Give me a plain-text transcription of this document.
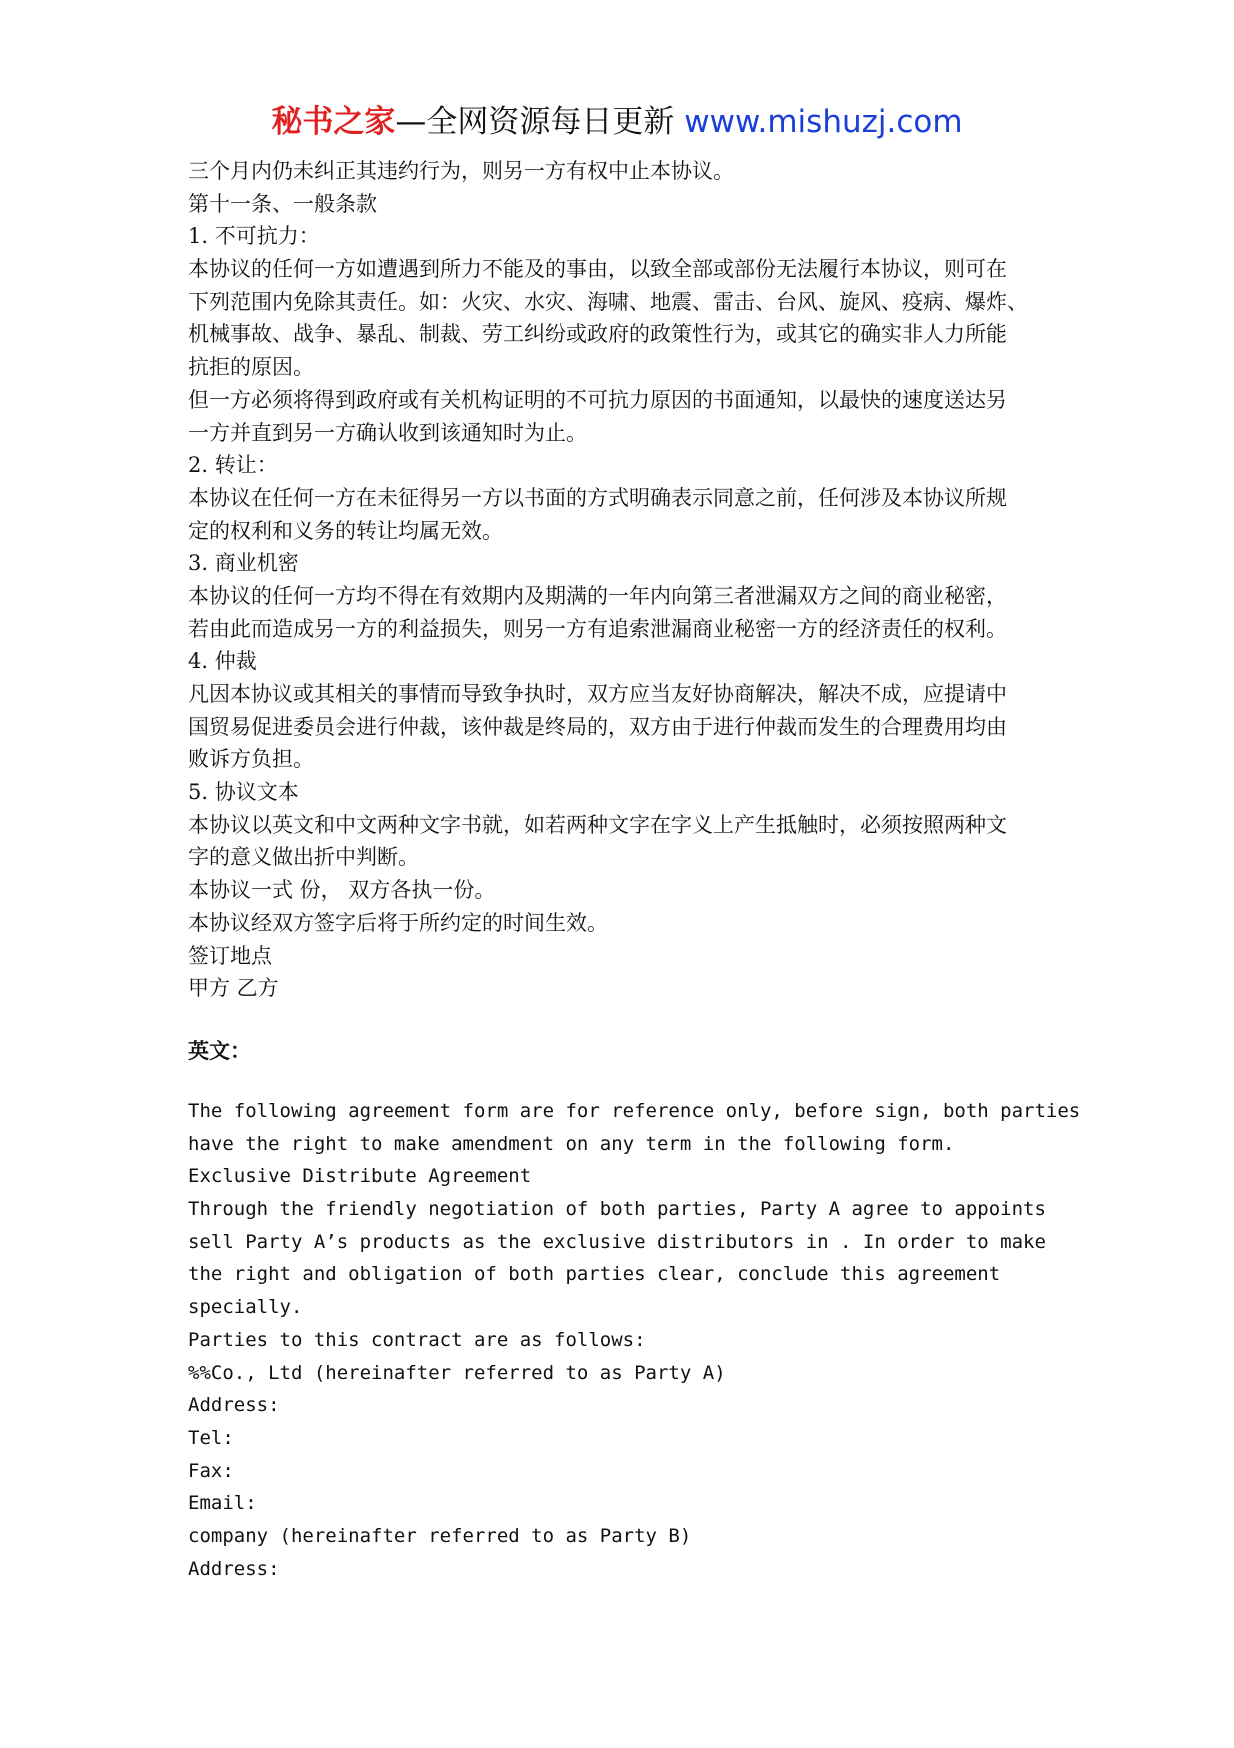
秘书之家—全网资源每日更新 www.mishuzj.com
三个月内仍未纠正其违约行为，则另一方有权中止本协议。
第十一条、一般条款
1. 不可抗力：
本协议的任何一方如遭遇到所力不能及的事由，以致全部或部份无法履行本协议，则可在
下列范围内免除其责任。如：火灾、水灾、海啸、地震、雷击、台风、旋风、疫病、爆炸、
机械事故、战争、暴乱、制裁、劳工纠纷或政府的政策性行为，或其它的确实非人力所能
抗拒的原因。
但一方必须将得到政府或有关机构证明的不可抗力原因的书面通知，以最快的速度送达另
一方并直到另一方确认收到该通知时为止。
2. 转让：
本协议在任何一方在未征得另一方以书面的方式明确表示同意之前，任何涉及本协议所规
定的权利和义务的转让均属无效。
3. 商业机密
本协议的任何一方均不得在有效期内及期满的一年内向第三者泄漏双方之间的商业秘密，
若由此而造成另一方的利益损失，则另一方有追索泄漏商业秘密一方的经济责任的权利。
4. 仲裁
凡因本协议或其相关的事情而导致争执时，双方应当友好协商解决，解决不成，应提请中
国贸易促进委员会进行仲裁，该仲裁是终局的，双方由于进行仲裁而发生的合理费用均由
败诉方负担。
5. 协议文本
本协议以英文和中文两种文字书就，如若两种文字在字义上产生抵触时，必须按照两种文
字的意义做出折中判断。
本协议一式 份， 双方各执一份。
本协议经双方签字后将于所约定的时间生效。
签订地点
甲方 乙方
英文：
The following agreement form are for reference only, before sign, both parties
have the right to make amendment on any term in the following form.
Exclusive Distribute Agreement
Through the friendly negotiation of both parties, Party A agree to appoints
sell Party A’s products as the exclusive distributors in . In order to make
the right and obligation of both parties clear, conclude this agreement
specially.
Parties to this contract are as follows:
%%Co., Ltd (hereinafter referred to as Party A)
Address:
Tel:
Fax:
Email:
company (hereinafter referred to as Party B)
Address:
